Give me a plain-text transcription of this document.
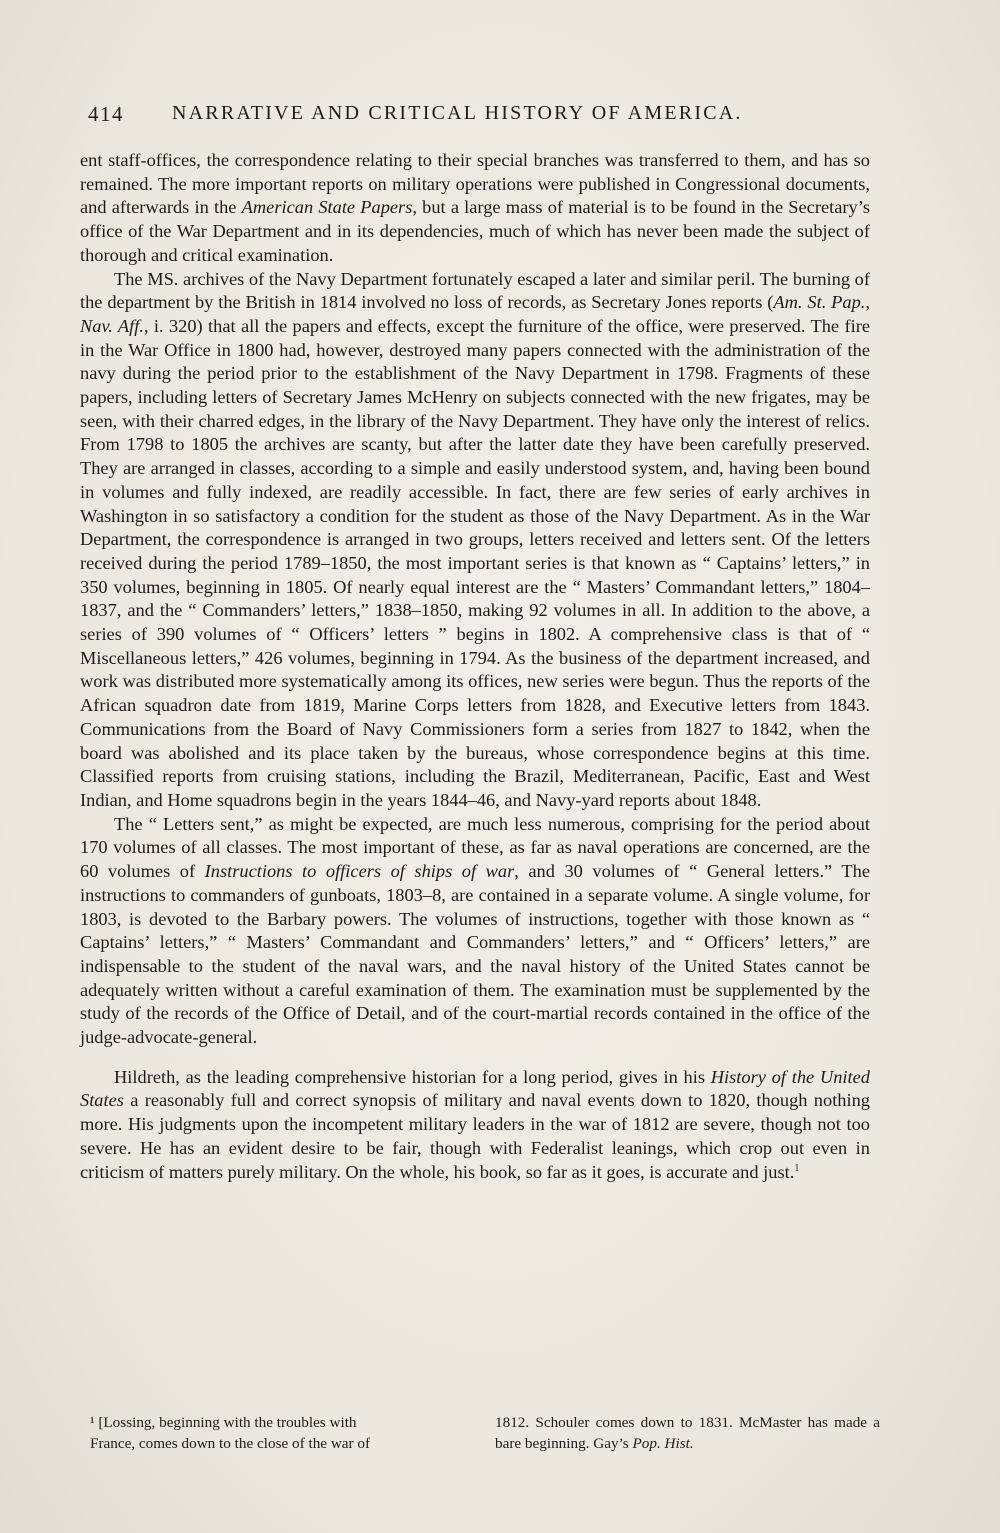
414 NARRATIVE AND CRITICAL HISTORY OF AMERICA.

ent staff-offices, the correspondence relating to their special branches was transferred to them, and has so remained. The more important reports on military operations were published in Congressional documents, and afterwards in the American State Papers, but a large mass of material is to be found in the Secretary’s office of the War Department and in its dependencies, much of which has never been made the subject of thorough and critical examination.

The MS. archives of the Navy Department fortunately escaped a later and similar peril. The burning of the department by the British in 1814 involved no loss of records, as Secretary Jones reports (Am. St. Pap., Nav. Aff., i. 320) that all the papers and effects, except the furniture of the office, were preserved. The fire in the War Office in 1800 had, however, destroyed many papers connected with the administration of the navy during the period prior to the establishment of the Navy Department in 1798. Fragments of these papers, including letters of Secretary James McHenry on subjects connected with the new frigates, may be seen, with their charred edges, in the library of the Navy Department. They have only the interest of relics. From 1798 to 1805 the archives are scanty, but after the latter date they have been carefully preserved. They are arranged in classes, according to a simple and easily understood system, and, having been bound in volumes and fully indexed, are readily accessible. In fact, there are few series of early archives in Washington in so satisfactory a condition for the student as those of the Navy Department. As in the War Department, the correspondence is arranged in two groups, letters received and letters sent. Of the letters received during the period 1789–1850, the most important series is that known as “ Captains’ letters,” in 350 volumes, beginning in 1805. Of nearly equal interest are the “ Masters’ Commandant letters,” 1804–1837, and the “ Commanders’ letters,” 1838–1850, making 92 volumes in all. In addition to the above, a series of 390 volumes of “ Officers’ letters ” begins in 1802. A comprehensive class is that of “ Miscellaneous letters,” 426 volumes, beginning in 1794. As the business of the department increased, and work was distributed more systematically among its offices, new series were begun. Thus the reports of the African squadron date from 1819, Marine Corps letters from 1828, and Executive letters from 1843. Communications from the Board of Navy Commissioners form a series from 1827 to 1842, when the board was abolished and its place taken by the bureaus, whose correspondence begins at this time. Classified reports from cruising stations, including the Brazil, Mediterranean, Pacific, East and West Indian, and Home squadrons begin in the years 1844–46, and Navy-yard reports about 1848.

The “ Letters sent,” as might be expected, are much less numerous, comprising for the period about 170 volumes of all classes. The most important of these, as far as naval operations are concerned, are the 60 volumes of Instructions to officers of ships of war, and 30 volumes of “ General letters.” The instructions to commanders of gunboats, 1803–8, are contained in a separate volume. A single volume, for 1803, is devoted to the Barbary powers. The volumes of instructions, together with those known as “ Captains’ letters,” “ Masters’ Commandant and Commanders’ letters,” and “ Officers’ letters,” are indispensable to the student of the naval wars, and the naval history of the United States cannot be adequately written without a careful examination of them. The examination must be supplemented by the study of the records of the Office of Detail, and of the court-martial records contained in the office of the judge-advocate-general.

Hildreth, as the leading comprehensive historian for a long period, gives in his History of the United States a reasonably full and correct synopsis of military and naval events down to 1820, though nothing more. His judgments upon the incompetent military leaders in the war of 1812 are severe, though not too severe. He has an evident desire to be fair, though with Federalist leanings, which crop out even in criticism of matters purely military. On the whole, his book, so far as it goes, is accurate and just.$^1$

¹ [Lossing, beginning with the troubles with
France, comes down to the close of the war of
1812. Schouler comes down to 1831. McMaster has made a bare beginning. Gay’s Pop. Hist.
